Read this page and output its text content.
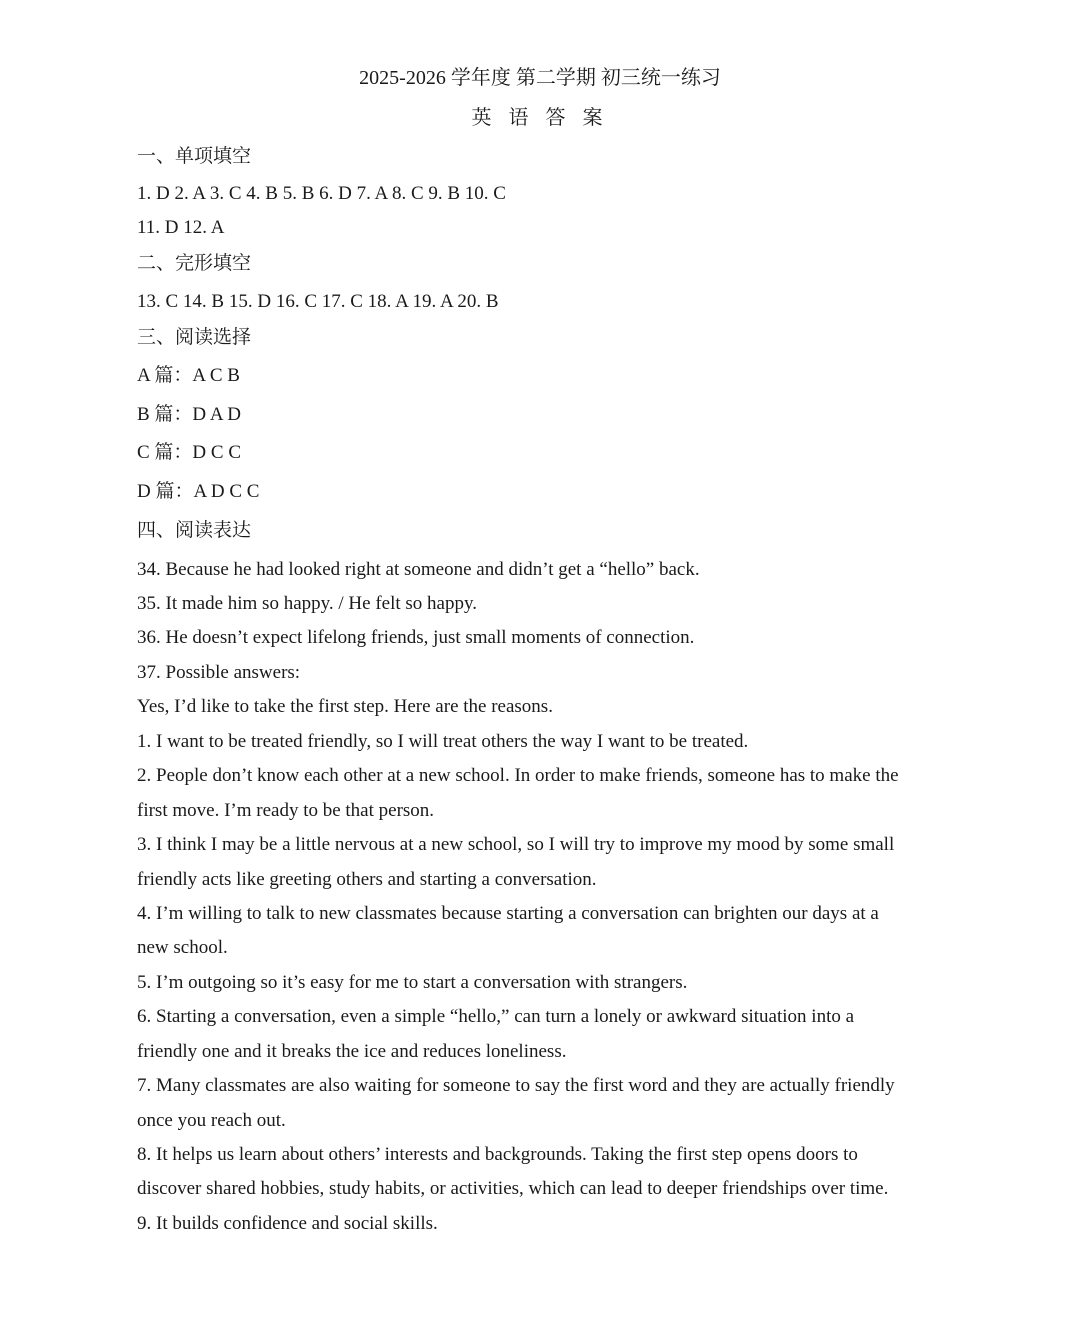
2025-2026 学年度 第二学期 初三统一练习
英 语 答 案
一、单项填空
1. D 2. A 3. C 4. B 5. B 6. D 7. A 8. C 9. B 10. C
11. D 12. A
二、完形填空
13. C 14. B 15. D 16. C 17. C 18. A 19. A 20. B
三、阅读选择
A 篇：A C B
B 篇：D A D
C 篇：D C C
D 篇：A D C C
四、阅读表达
34. Because he had looked right at someone and didn’t get a “hello” back.
35. It made him so happy. / He felt so happy.
36. He doesn’t expect lifelong friends, just small moments of connection.
37. Possible answers:
Yes, I’d like to take the first step. Here are the reasons.
1. I want to be treated friendly, so I will treat others the way I want to be treated.
2. People don’t know each other at a new school. In order to make friends, someone has to make the
first move. I’m ready to be that person.
3. I think I may be a little nervous at a new school, so I will try to improve my mood by some small
friendly acts like greeting others and starting a conversation.
4. I’m willing to talk to new classmates because starting a conversation can brighten our days at a
new school.
5. I’m outgoing so it’s easy for me to start a conversation with strangers.
6. Starting a conversation, even a simple “hello,” can turn a lonely or awkward situation into a
friendly one and it breaks the ice and reduces loneliness.
7. Many classmates are also waiting for someone to say the first word and they are actually friendly
once you reach out.
8. It helps us learn about others’ interests and backgrounds. Taking the first step opens doors to
discover shared hobbies, study habits, or activities, which can lead to deeper friendships over time.
9. It builds confidence and social skills.
